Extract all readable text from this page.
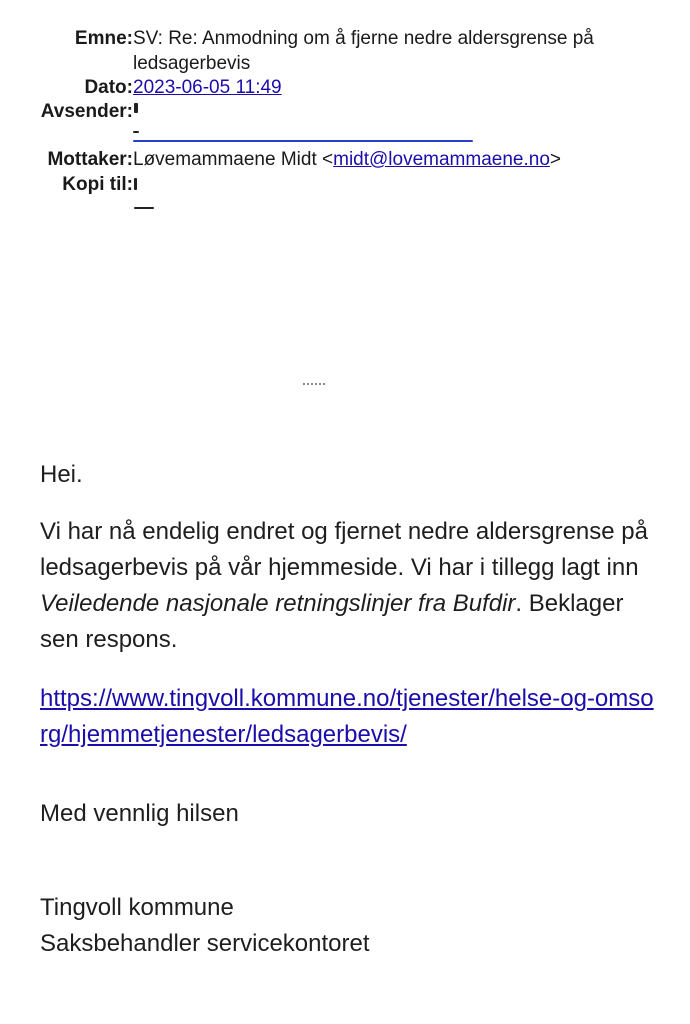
Emne: SV: Re: Anmodning om å fjerne nedre aldersgrense på ledsagerbevis
Dato: 2023-06-05 11:49
Avsender:
Mottaker: Løvemammaene Midt <midt@lovemammaene.no>
Kopi til:

Hei.

Vi har nå endelig endret og fjernet nedre aldersgrense på ledsagerbevis på vår hjemmeside. Vi har i tillegg lagt inn Veiledende nasjonale retningslinjer fra Bufdir. Beklager sen respons.

https://www.tingvoll.kommune.no/tjenester/helse-og-omsorg/hjemmetjenester/ledsagerbevis/

Med vennlig hilsen

Tingvoll kommune

Saksbehandler servicekontoret
